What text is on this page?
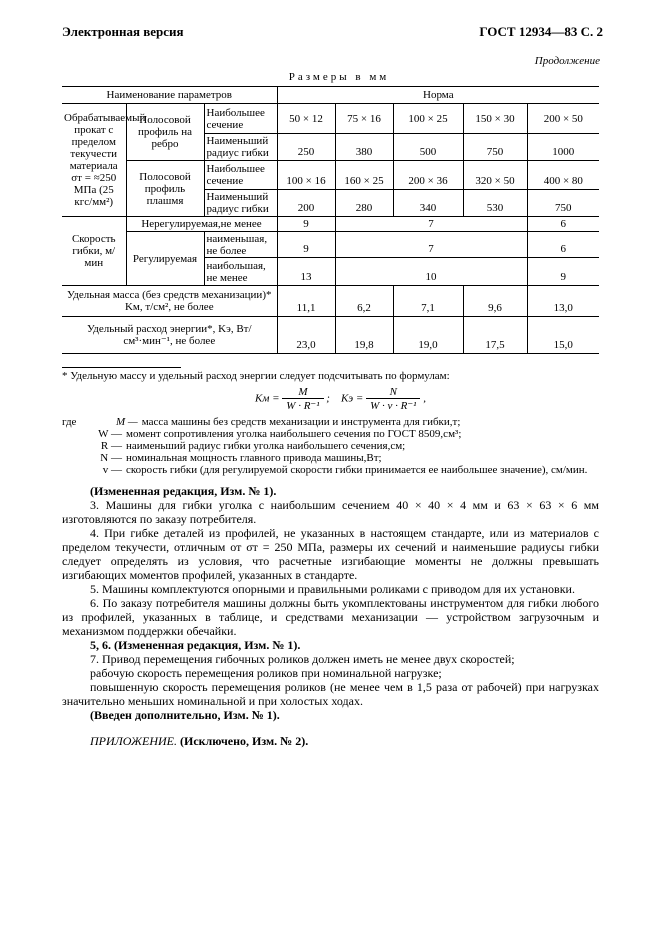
Электронная версия	ГОСТ 12934—83 С. 2
Продолжение
Размеры в мм
Наименование параметров			Норма				
Обрабатываемый прокат с пределом текучести материала σт = ≈250 МПа (25 кгс/мм²)	Полосовой профиль на ребро	Наибольшее сечение	50 × 12	75 × 16	100 × 25	150 × 30	200 × 50
		Наименьший радиус гибки	250	380	500	750	1000
	Полосовой профиль плашмя	Наибольшее сечение	100 × 16	160 × 25	200 × 36	320 × 50	400 × 80
		Наименьший радиус гибки	200	280	340	530	750
Скорость гибки, м/мин	Нерегулируемая,не менее		9	7			6
	Регулируемая	наименьшая, не более	9	7			6
		наибольшая, не менее	13	10			9
Удельная масса (без средств механизации)* Kм, т/см², не более			11,1	6,2	7,1	9,6	13,0
Удельный расход энергии*, Kэ, Вт/см³·мин⁻¹, не более			23,0	19,8	19,0	17,5	15,0
* Удельную массу и удельный расход энергии следует подсчитывать по формулам:
Kм = $\frac{M}{\text{W · R⁻¹}}$ ; Kэ = $\frac{N}{\text{W · v · R⁻¹}}$ ,
где	M — масса машины без средств механизации и инструмента для гибки,т;
W — момент сопротивления уголка наибольшего сечения по ГОСТ 8509,см³;
R — наименьший радиус гибки уголка наибольшего сечения,см;
N — номинальная мощность главного привода машины,Вт;
v — скорость гибки (для регулируемой скорости гибки принимается ее наибольшее значение), см/мин.

(Измененная редакция, Изм. № 1).

3. Машины для гибки уголка с наибольшим сечением 40 × 40 × 4 мм и 63 × 63 × 6 мм изготовляются по заказу потребителя.

4. При гибке деталей из профилей, не указанных в настоящем стандарте, или из материалов с пределом текучести, отличным от σт = 250 МПа, размеры их сечений и наименьшие радиусы гибки следует определять из условия, что расчетные изгибающие моменты не должны превышать изгибающих моментов профилей, указанных в стандарте.

5. Машины комплектуются опорными и правильными роликами с приводом для их установки.

6. По заказу потребителя машины должны быть укомплектованы инструментом для гибки любого из профилей, указанных в таблице, и средствами механизации — устройством загрузочным и механизмом поддержки обечайки.

5, 6. (Измененная редакция, Изм. № 1).

7. Привод перемещения гибочных роликов должен иметь не менее двух скоростей;

рабочую скорость перемещения роликов при номинальной нагрузке;

повышенную скорость перемещения роликов (не менее чем в 1,5 раза от рабочей) при нагрузках значительно меньших номинальной и при холостых ходах.

(Введен дополнительно, Изм. № 1).

ПРИЛОЖЕНИЕ. (Исключено, Изм. № 2).
